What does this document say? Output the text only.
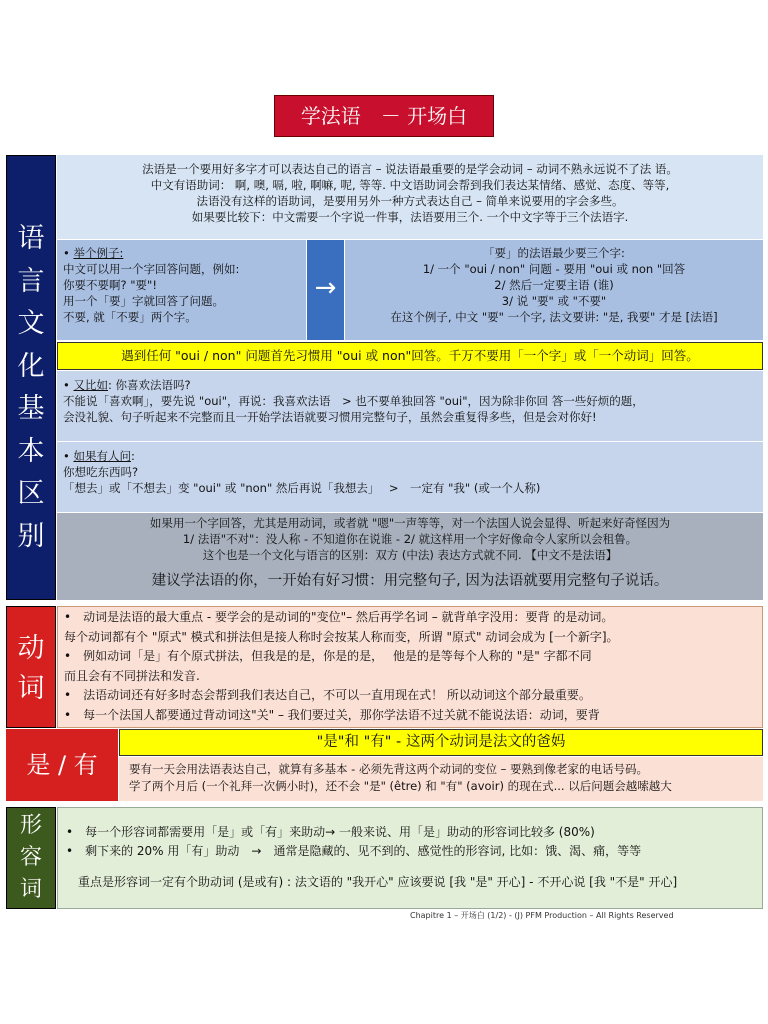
学法语　－ 开场白
语
言
文
化
基
本
区
别
法语是一个要用好多字才可以表达自己的语言 – 说法语最重要的是学会动词 – 动词不熟永远说不了法 语。
中文有语助词： 啊, 噢, 嗝, 啦, 啊嘛, 呢, 等等. 中文语助词会帮到我们表达某情绪、感觉、态度、等等,
法语没有这样的语助词，是要用另外一种方式表达自己 – 简单来说要用的字会多些。
如果要比较下：中文需要一个字说一件事，法语要用三个. 一个中文字等于三个法语字.
• 举个例子:
中文可以用一个字回答问题，例如:
你要不要啊? "要"!
用一个「要」字就回答了问题。
不要, 就「不要」两个字。
→
「要」的法语最少要三个字:
1/ 一个 "oui / non" 问题 - 要用 "oui 或 non "回答
2/ 然后一定要主语 (谁)
3/ 说 "要" 或 "不要"
在这个例子, 中文 "要" 一个字, 法文要讲: "是, 我要" 才是 [法语]
遇到任何 "oui / non" 问题首先习惯用 "oui 或 non"回答。千万不要用「一个字」或「一个动词」回答。
• 又比如: 你喜欢法语吗?
不能说「喜欢啊」，要先说 "oui"，再说：我喜欢法语　> 也不要单独回答 "oui"，因为除非你回 答一些好烦的题，
会没礼貌、句子听起来不完整而且一开始学法语就要习惯用完整句子，虽然会重复得多些，但是会对你好!
• 如果有人问:
你想吃东西吗?
「想去」或「不想去」变 "oui" 或 "non" 然后再说「我想去」　 >　一定有 "我" (或一个人称)
如果用一个字回答，尤其是用动词，或者就 "嗯"一声等等，对一个法国人说会显得、听起来好奇怪因为
1/ 法语"不对"：没人称 - 不知道你在说谁 - 2/ 就这样用一个字好像命令人家所以会租鲁。
这个也是一个文化与语言的区别：双方 (中法) 表达方式就不同. 【中文不是法语】
建议学法语的你，一开始有好习惯：用完整句子, 因为法语就要用完整句子说话。
动
词
•　动词是法语的最大重点 - 要学会的是动词的"变位"– 然后再学名词 – 就背单字没用：要背 的是动词。
每个动词都有个 "原式" 模式和拼法但是接人称时会按某人称而变，所谓 "原式" 动词会成为 [一个新字]。
•　例如动词「是」有个原式拼法，但我是的是，你是的是，　 他是的是等每个人称的 "是" 字都不同
而且会有不同拼法和发音.
•　法语动词还有好多时态会帮到我们表达自己，不可以一直用现在式！ 所以动词这个部分最重要。
•　每一个法国人都要通过背动词这"关" – 我们要过关，那你学法语不过关就不能说法语：动词，要背
是 / 有
"是"和 "有" - 这两个动词是法文的爸妈
要有一天会用法语表达自己，就算有多基本 - 必须先背这两个动词的变位 – 要熟到像老家的电话号码。
学了两个月后 (一个礼拜一次俩小时)，还不会 "是" (être) 和 "有" (avoir) 的现在式... 以后问题会越嗦越大
形
容
词
•　每一个形容词都需要用「是」或「有」来助动→ 一般来说、用「是」助动的形容词比较多 (80%)
•　剩下来的 20% 用「有」助动　→　通常是隐藏的、见不到的、感觉性的形容词, 比如：饿、渴、痛，等等
重点是形容词一定有个助动词 (是或有) : 法文语的 "我开心" 应该要说 [我 "是" 开心] - 不开心说 [我 "不是" 开心]
Chapitre 1 – 开场白 (1/2) - (J) PFM Production – All Rights Reserved
